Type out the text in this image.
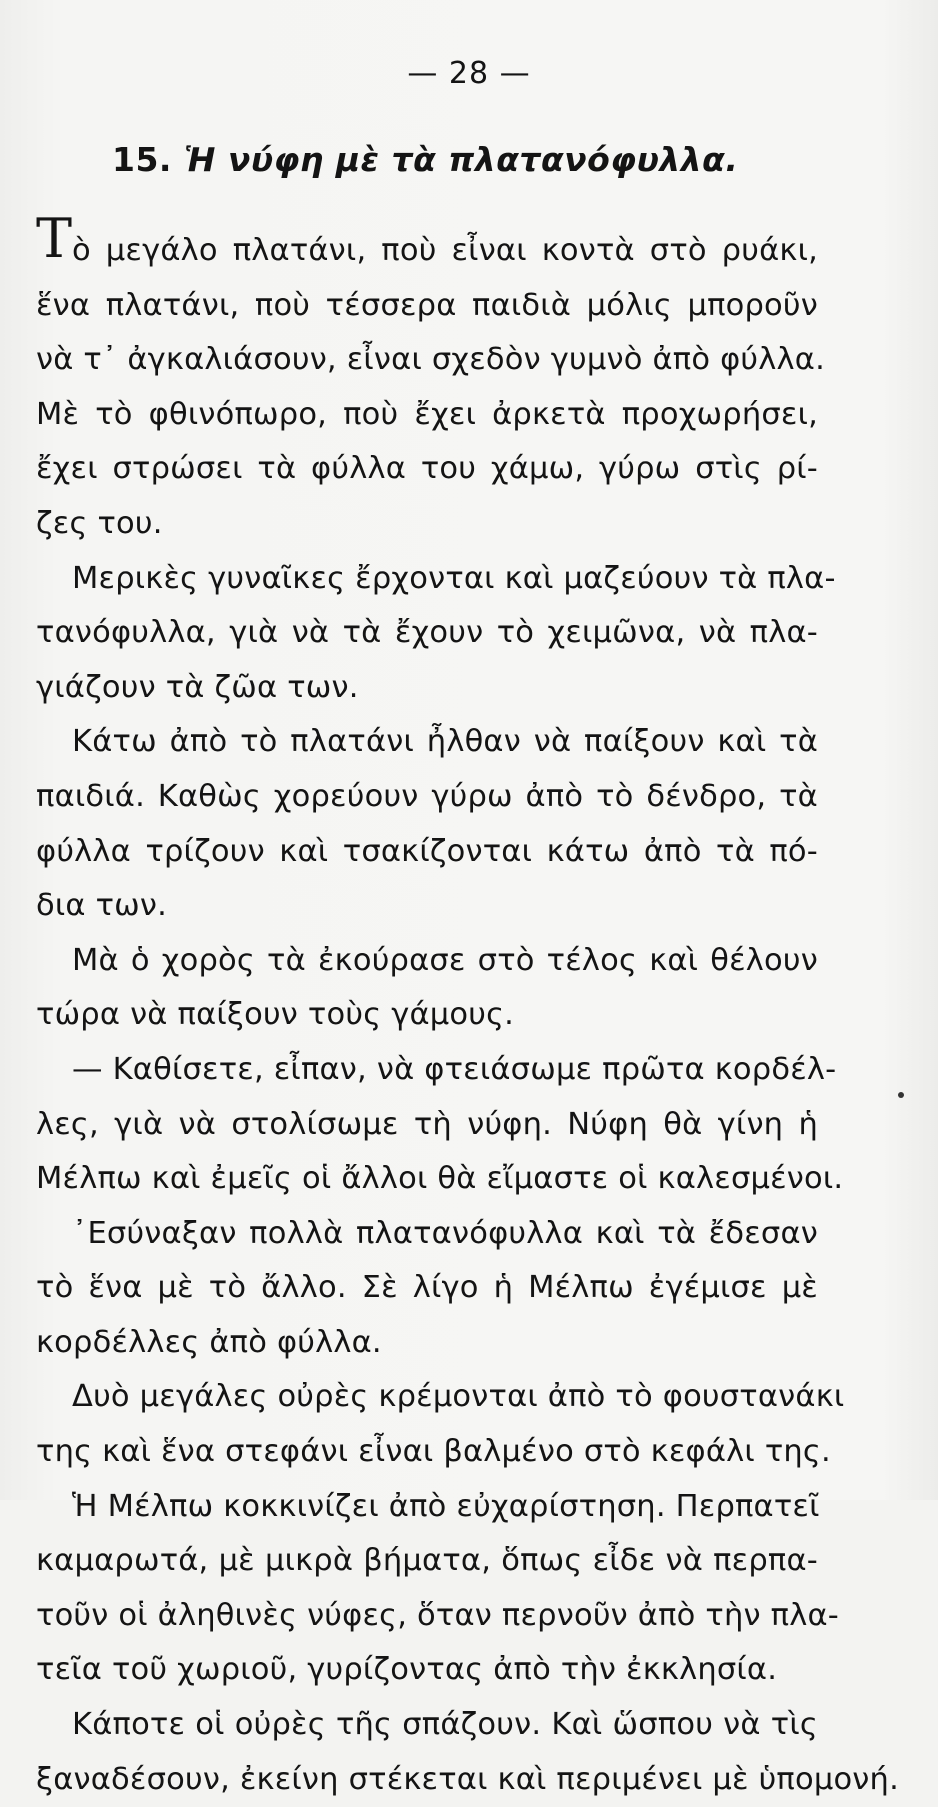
— 28 —
15. Ἡ νύφη μὲ τὰ πλατανόφυλλα.
Τ ὸ μεγάλο πλατάνι, ποὺ εἶναι κοντὰ στὸ ρυάκι,
ἕνα πλατάνι, ποὺ τέσσερα παιδιὰ μόλις μποροῦν
νὰ τ᾽ ἀγκαλιάσουν, εἶναι σχεδὸν γυμνὸ ἀπὸ φύλλα.
Μὲ τὸ φθινόπωρο, ποὺ ἔχει ἀρκετὰ προχωρήσει,
ἔχει στρώσει τὰ φύλλα του χάμω, γύρω στὶς ρί-
ζες του.
Μερικὲς γυναῖκες ἔρχονται καὶ μαζεύουν τὰ πλα-
τανόφυλλα, γιὰ νὰ τὰ ἔχουν τὸ χειμῶνα, νὰ πλα-
γιάζουν τὰ ζῶα των.
Κάτω ἀπὸ τὸ πλατάνι ἦλθαν νὰ παίξουν καὶ τὰ
παιδιά. Καθὼς χορεύουν γύρω ἀπὸ τὸ δένδρο, τὰ
φύλλα τρίζουν καὶ τσακίζονται κάτω ἀπὸ τὰ πό-
δια των.
Μὰ ὁ χορὸς τὰ ἐκούρασε στὸ τέλος καὶ θέλουν
τώρα νὰ παίξουν τοὺς γάμους.
— Καθίσετε, εἶπαν, νὰ φτειάσωμε πρῶτα κορδέλ-
λες, γιὰ νὰ στολίσωμε τὴ νύφη. Νύφη θὰ γίνη ἡ
Μέλπω καὶ ἐμεῖς οἱ ἄλλοι θὰ εἴμαστε οἱ καλεσμένοι.
᾽Εσύναξαν πολλὰ πλατανόφυλλα καὶ τὰ ἔδεσαν
τὸ ἕνα μὲ τὸ ἄλλο. Σὲ λίγο ἡ Μέλπω ἐγέμισε μὲ
κορδέλλες ἀπὸ φύλλα.
Δυὸ μεγάλες οὐρὲς κρέμονται ἀπὸ τὸ φουστανάκι
της καὶ ἕνα στεφάνι εἶναι βαλμένο στὸ κεφάλι της.
Ἡ Μέλπω κοκκινίζει ἀπὸ εὐχαρίστηση. Περπατεῖ
καμαρωτά, μὲ μικρὰ βήματα, ὅπως εἶδε νὰ περπα-
τοῦν οἱ ἀληθινὲς νύφες, ὅταν περνοῦν ἀπὸ τὴν πλα-
τεῖα τοῦ χωριοῦ, γυρίζοντας ἀπὸ τὴν ἐκκλησία.
Κάποτε οἱ οὐρὲς τῆς σπάζουν. Καὶ ὥσπου νὰ τὶς
ξαναδέσουν, ἐκείνη στέκεται καὶ περιμένει μὲ ὑπομονή.
